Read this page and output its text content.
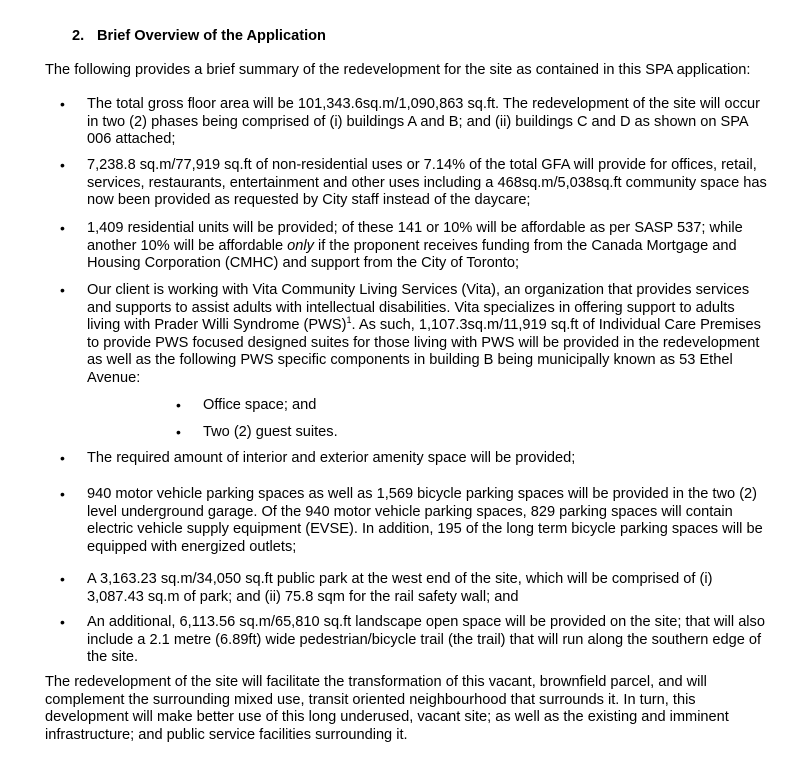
2. Brief Overview of the Application
The following provides a brief summary of the redevelopment for the site as contained in this SPA application:
• The total gross floor area will be 101,343.6sq.m/1,090,863 sq.ft. The redevelopment of the site will occur in two (2) phases being comprised of (i) buildings A and B; and (ii) buildings C and D as shown on SPA 006 attached;
• 7,238.8 sq.m/77,919 sq.ft of non-residential uses or 7.14% of the total GFA will provide for offices, retail, services, restaurants, entertainment and other uses including a 468sq.m/5,038sq.ft community space has now been provided as requested by City staff instead of the daycare;
• 1,409 residential units will be provided; of these 141 or 10% will be affordable as per SASP 537; while another 10% will be affordable only if the proponent receives funding from the Canada Mortgage and Housing Corporation (CMHC) and support from the City of Toronto;
• Our client is working with Vita Community Living Services (Vita), an organization that provides services and supports to assist adults with intellectual disabilities. Vita specializes in offering support to adults living with Prader Willi Syndrome (PWS)$^1$. As such, 1,107.3sq.m/11,919 sq.ft of Individual Care Premises to provide PWS focused designed suites for those living with PWS will be provided in the redevelopment as well as the following PWS specific components in building B being municipally known as 53 Ethel Avenue:
• Office space; and
• Two (2) guest suites.
• The required amount of interior and exterior amenity space will be provided;
• 940 motor vehicle parking spaces as well as 1,569 bicycle parking spaces will be provided in the two (2) level underground garage. Of the 940 motor vehicle parking spaces, 829 parking spaces will contain electric vehicle supply equipment (EVSE). In addition, 195 of the long term bicycle parking spaces will be equipped with energized outlets;
• A 3,163.23 sq.m/34,050 sq.ft public park at the west end of the site, which will be comprised of (i) 3,087.43 sq.m of park; and (ii) 75.8 sqm for the rail safety wall; and
• An additional, 6,113.56 sq.m/65,810 sq.ft landscape open space will be provided on the site; that will also include a 2.1 metre (6.89ft) wide pedestrian/bicycle trail (the trail) that will run along the southern edge of the site.
The redevelopment of the site will facilitate the transformation of this vacant, brownfield parcel, and will complement the surrounding mixed use, transit oriented neighbourhood that surrounds it. In turn, this development will make better use of this long underused, vacant site; as well as the existing and imminent infrastructure; and public service facilities surrounding it.
